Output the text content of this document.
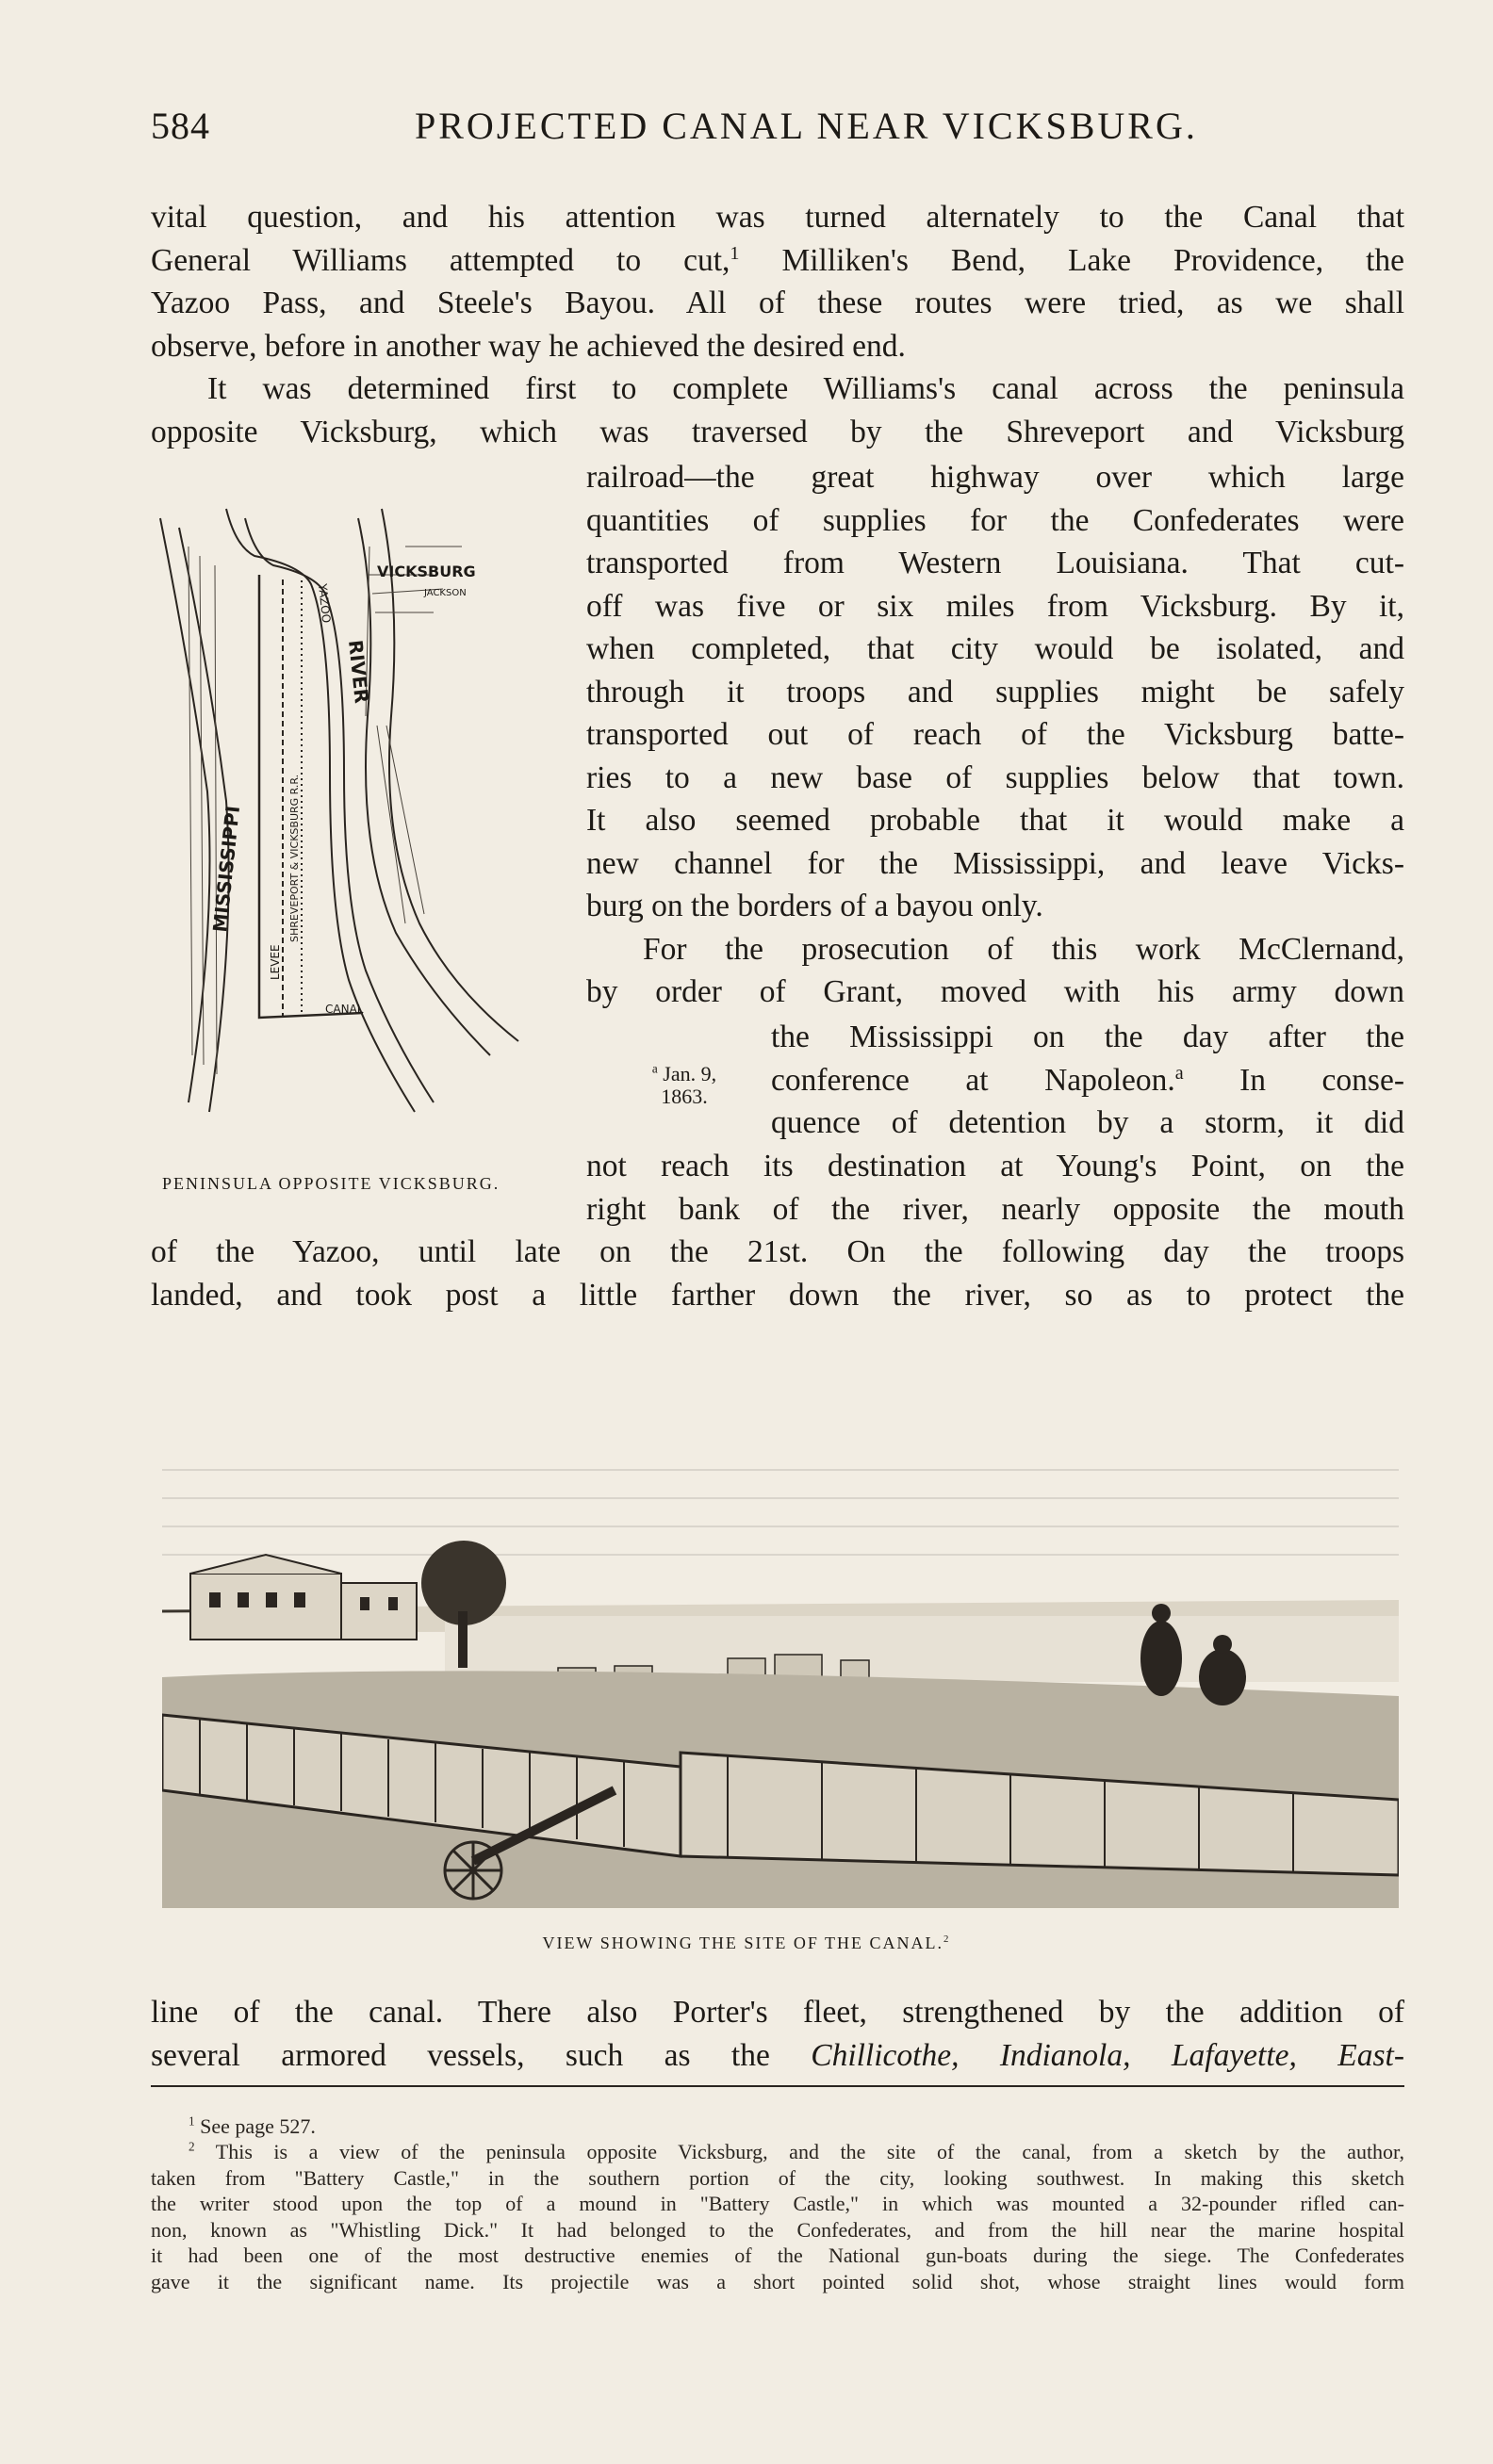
584	PROJECTED CANAL NEAR VICKSBURG.
vital question, and his attention was turned alternately to the Canal that
General Williams attempted to cut,$^1$ Milliken's Bend, Lake Providence, the
Yazoo Pass, and Steele's Bayou. All of these routes were tried, as we shall
observe, before in another way he achieved the desired end.
It was determined first to complete Williams's canal across the peninsula
opposite Vicksburg, which was traversed by the Shreveport and Vicksburg
railroad—the great highway over which large
quantities of supplies for the Confederates were
transported from Western Louisiana. That cut-
off was five or six miles from Vicksburg. By it,
when completed, that city would be isolated, and
through it troops and supplies might be safely
transported out of reach of the Vicksburg batte-
ries to a new base of supplies below that town.
It also seemed probable that it would make a
new channel for the Mississippi, and leave Vicks-
burg on the borders of a bayou only.
For the prosecution of this work McClernand,
by order of Grant, moved with his army down
the Mississippi on the day after the
conference at Napoleon.$^a$ In conse-
quence of detention by a storm, it did
$^a$ Jan. 9,
1863.
not reach its destination at Young's Point, on the
right bank of the river, nearly opposite the mouth
of the Yazoo, until late on the 21st. On the following day the troops
landed, and took post a little farther down the river, so as to protect the
VICKSBURG
JACKSON
MISSISSIPPI
RIVER
LEVEE
SHREVEPORT & VICKSBURG R.R.
CANAL
YAZOO
PENINSULA OPPOSITE VICKSBURG.
VIEW SHOWING THE SITE OF THE CANAL.$^2$
line of the canal. There also Porter's fleet, strengthened by the addition of
several armored vessels, such as the Chillicothe, Indianola, Lafayette, East-
$^1$ See page 527.
$^2$ This is a view of the peninsula opposite Vicksburg, and the site of the canal, from a sketch by the author,
taken from "Battery Castle," in the southern portion of the city, looking southwest. In making this sketch
the writer stood upon the top of a mound in "Battery Castle," in which was mounted a 32-pounder rifled can-
non, known as "Whistling Dick." It had belonged to the Confederates, and from the hill near the marine hospital
it had been one of the most destructive enemies of the National gun-boats during the siege. The Confederates
gave it the significant name. Its projectile was a short pointed solid shot, whose straight lines would form
